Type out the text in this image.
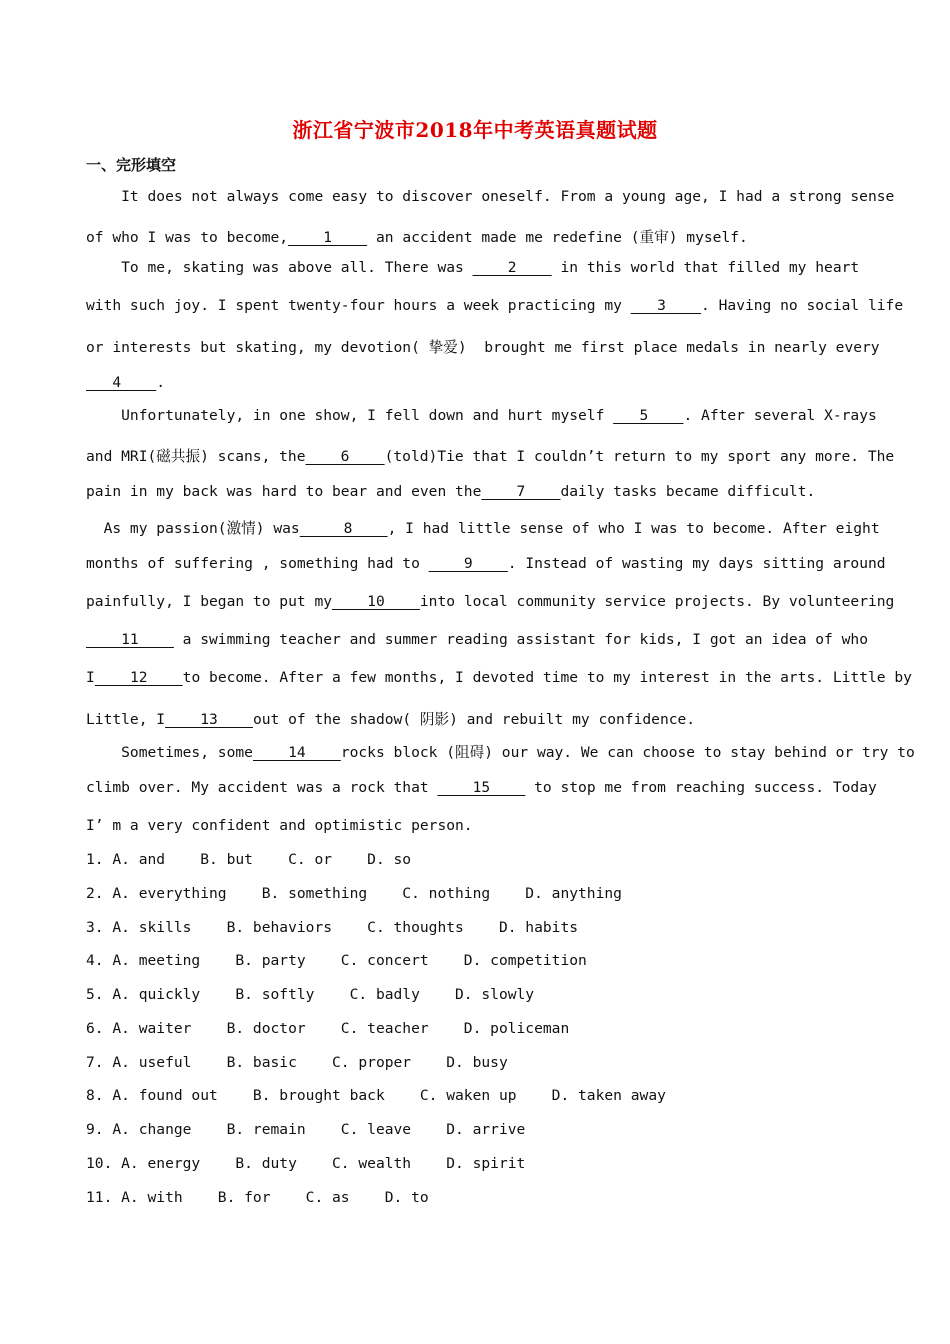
浙江省宁波市2018年中考英语真题试题
一、完形填空
It does not always come easy to discover oneself. From a young age, I had a strong sense
of who I was to become,    1     an accident made me redefine (重审) myself.
To me, skating was above all. There was     2     in this world that filled my heart
with such joy. I spent twenty-four hours a week practicing my    3    . Having no social life
or interests but skating, my devotion( 挚爱)  brought me first place medals in nearly every
4    .
Unfortunately, in one show, I fell down and hurt myself    5    . After several X-rays
and MRI(磁共振) scans, the    6    (told)Tie that I couldn’t return to my sport any more. The
pain in my back was hard to bear and even the    7    daily tasks became difficult.
As my passion(激情) was     8    , I had little sense of who I was to become. After eight
months of suffering , something had to     9    . Instead of wasting my days sitting around
painfully, I began to put my    10    into local community service projects. By volunteering
11     a swimming teacher and summer reading assistant for kids, I got an idea of who
I    12    to become. After a few months, I devoted time to my interest in the arts. Little by
Little, I    13    out of the shadow( 阴影) and rebuilt my confidence.
Sometimes, some    14    rocks block (阻碍) our way. We can choose to stay behind or try to
climb over. My accident was a rock that     15     to stop me from reaching success. Today
I’ m a very confident and optimistic person.
1. A. and    B. but    C. or    D. so
2. A. everything    B. something    C. nothing    D. anything
3. A. skills    B. behaviors    C. thoughts    D. habits
4. A. meeting    B. party    C. concert    D. competition
5. A. quickly    B. softly    C. badly    D. slowly
6. A. waiter    B. doctor    C. teacher    D. policeman
7. A. useful    B. basic    C. proper    D. busy
8. A. found out    B. brought back    C. waken up    D. taken away
9. A. change    B. remain    C. leave    D. arrive
10. A. energy    B. duty    C. wealth    D. spirit
11. A. with    B. for    C. as    D. to
